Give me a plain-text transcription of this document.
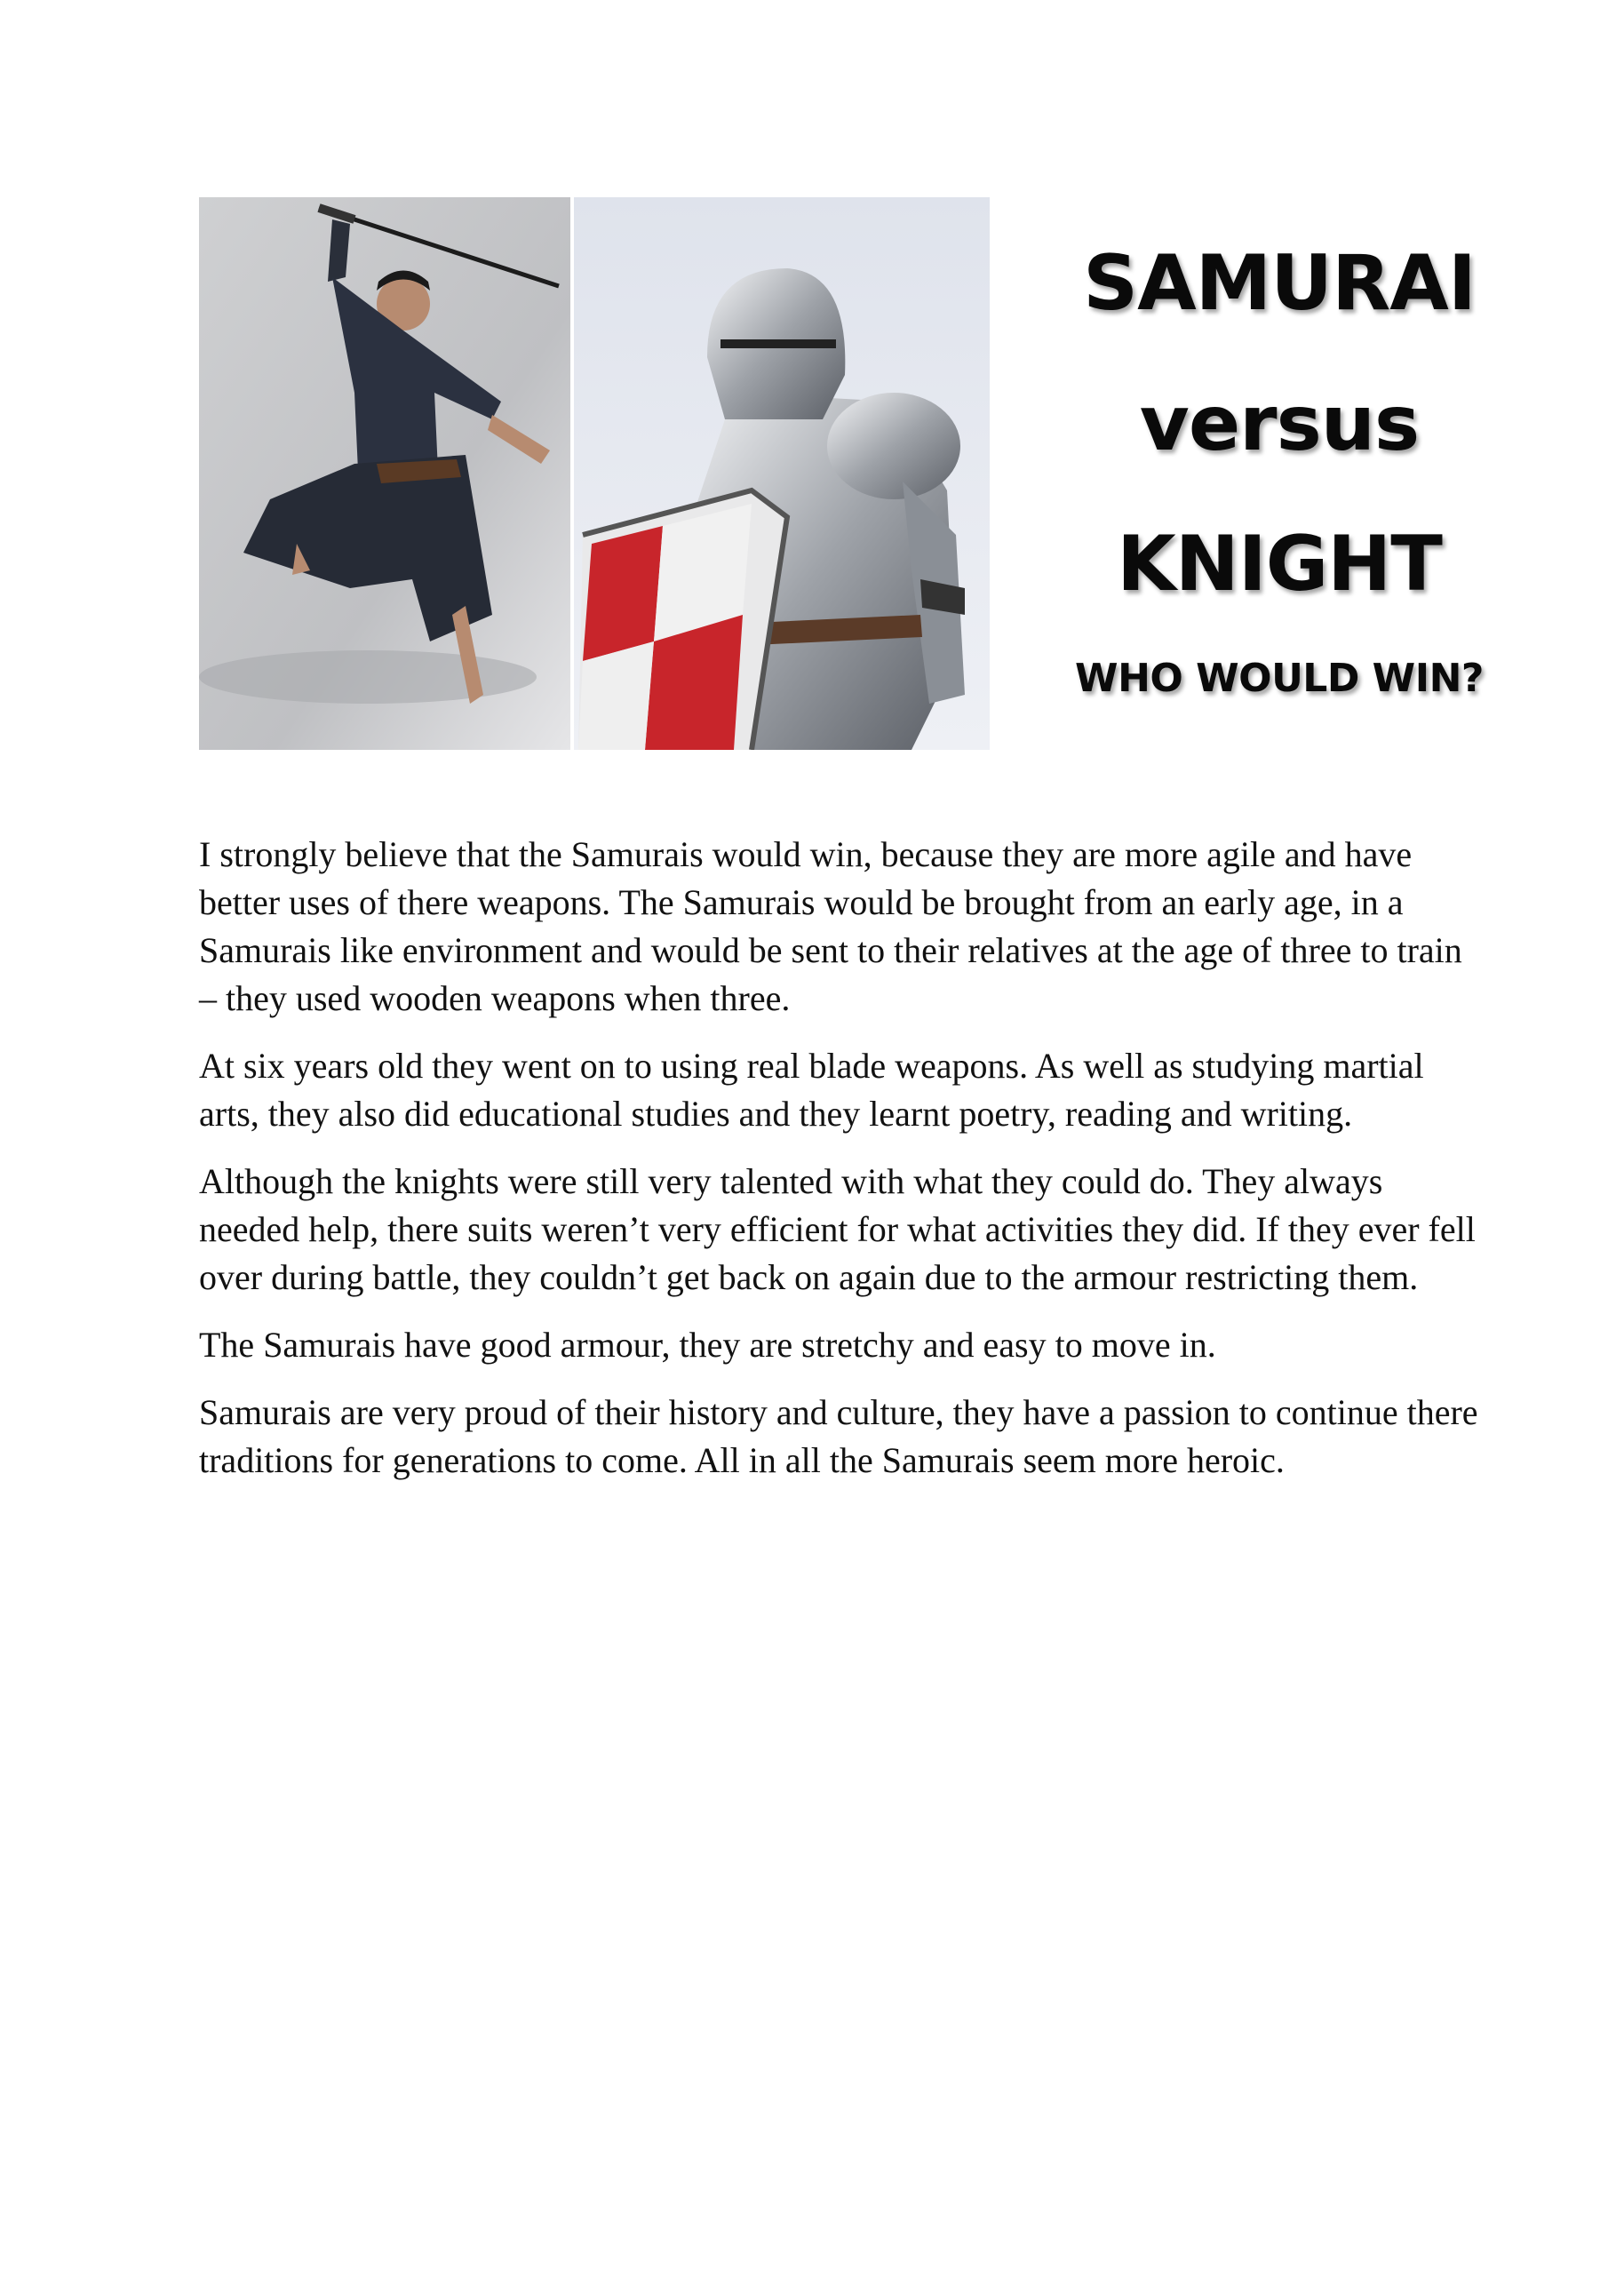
SAMURAI
versus
KNIGHT
WHO WOULD WIN?

I strongly believe that the Samurais would win, because they are more agile and have better uses of there weapons. The Samurais would be brought from an early age, in a Samurais like environment and would be sent to their relatives at the age of three to train – they used wooden weapons when three.

At six years old they went on to using real blade weapons. As well as studying martial arts, they also did educational studies and they learnt poetry, reading and writing.

Although the knights were still very talented with what they could do. They always needed help, there suits weren’t very efficient for what activities they did. If they ever fell over during battle, they couldn’t get back on again due to the armour restricting them.

The Samurais have good armour, they are stretchy and easy to move in.

Samurais are very proud of their history and culture, they have a passion to continue there traditions for generations to come. All in all the Samurais seem more heroic.
